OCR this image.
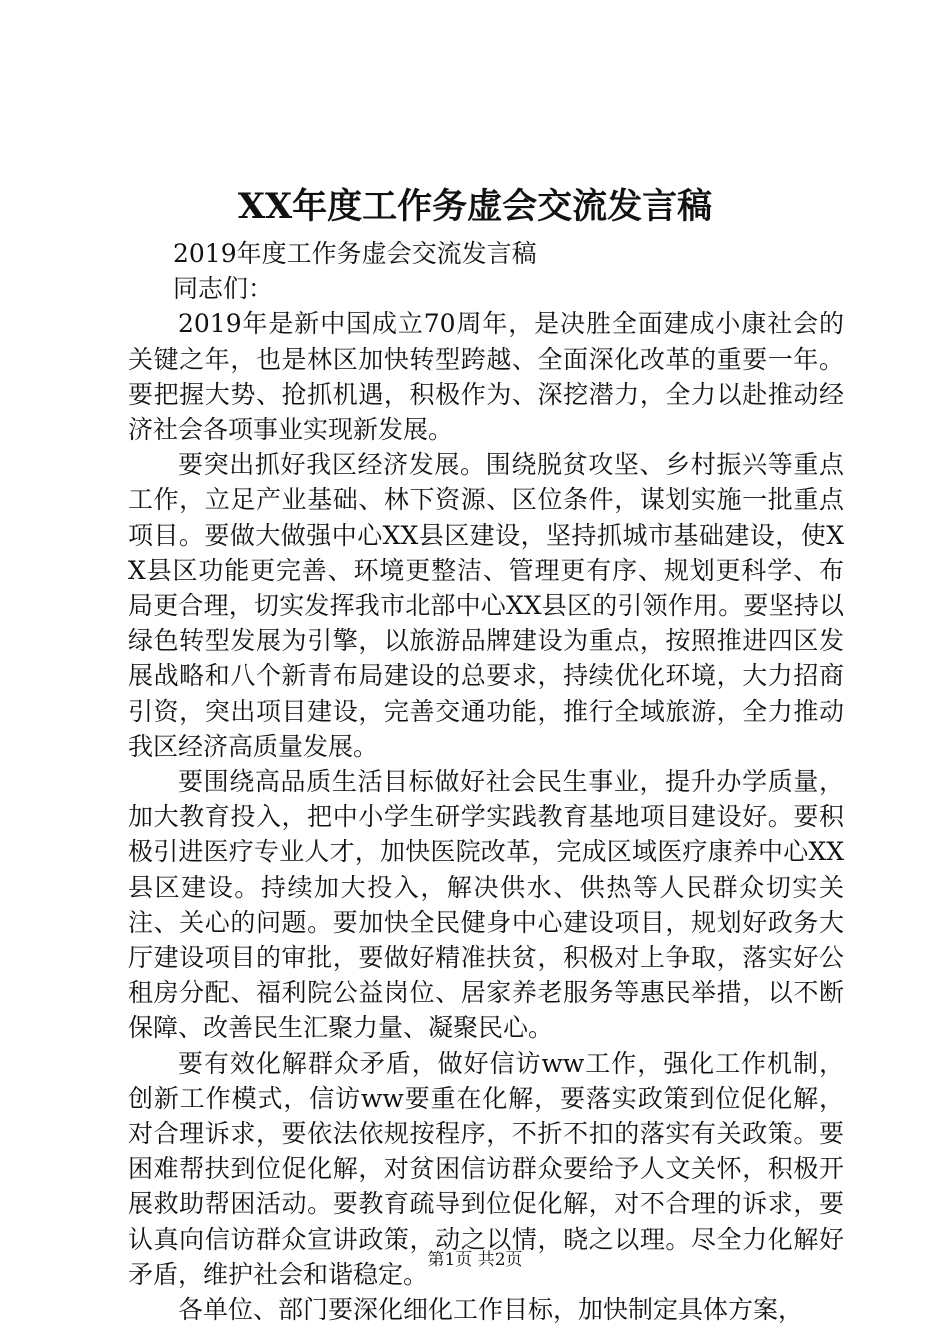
XX年度工作务虚会交流发言稿

2019年度工作务虚会交流发言稿

同志们：

2019年是新中国成立70周年，是决胜全面建成小康社会的关键之年，也是林区加快转型跨越、全面深化改革的重要一年。要把握大势、抢抓机遇，积极作为、深挖潜力，全力以赴推动经济社会各项事业实现新发展。

要突出抓好我区经济发展。围绕脱贫攻坚、乡村振兴等重点工作，立足产业基础、林下资源、区位条件，谋划实施一批重点项目。要做大做强中心XX县区建设，坚持抓城市基础建设，使XX县区功能更完善、环境更整洁、管理更有序、规划更科学、布局更合理，切实发挥我市北部中心XX县区的引领作用。要坚持以绿色转型发展为引擎，以旅游品牌建设为重点，按照推进四区发展战略和八个新青布局建设的总要求，持续优化环境，大力招商引资，突出项目建设，完善交通功能，推行全域旅游，全力推动我区经济高质量发展。

要围绕高品质生活目标做好社会民生事业，提升办学质量，加大教育投入，把中小学生研学实践教育基地项目建设好。要积极引进医疗专业人才，加快医院改革，完成区域医疗康养中心XX县区建设。持续加大投入，解决供水、供热等人民群众切实关注、关心的问题。要加快全民健身中心建设项目，规划好政务大厅建设项目的审批，要做好精准扶贫，积极对上争取，落实好公租房分配、福利院公益岗位、居家养老服务等惠民举措，以不断保障、改善民生汇聚力量、凝聚民心。

要有效化解群众矛盾，做好信访ww工作，强化工作机制，创新工作模式，信访ww要重在化解，要落实政策到位促化解，对合理诉求，要依法依规按程序，不折不扣的落实有关政策。要困难帮扶到位促化解，对贫困信访群众要给予人文关怀，积极开展救助帮困活动。要教育疏导到位促化解，对不合理的诉求，要认真向信访群众宣讲政策，动之以情，晓之以理。尽全力化解好矛盾，维护社会和谐稳定。

各单位、部门要深化细化工作目标，加快制定具体方案，

第1页 共2页
